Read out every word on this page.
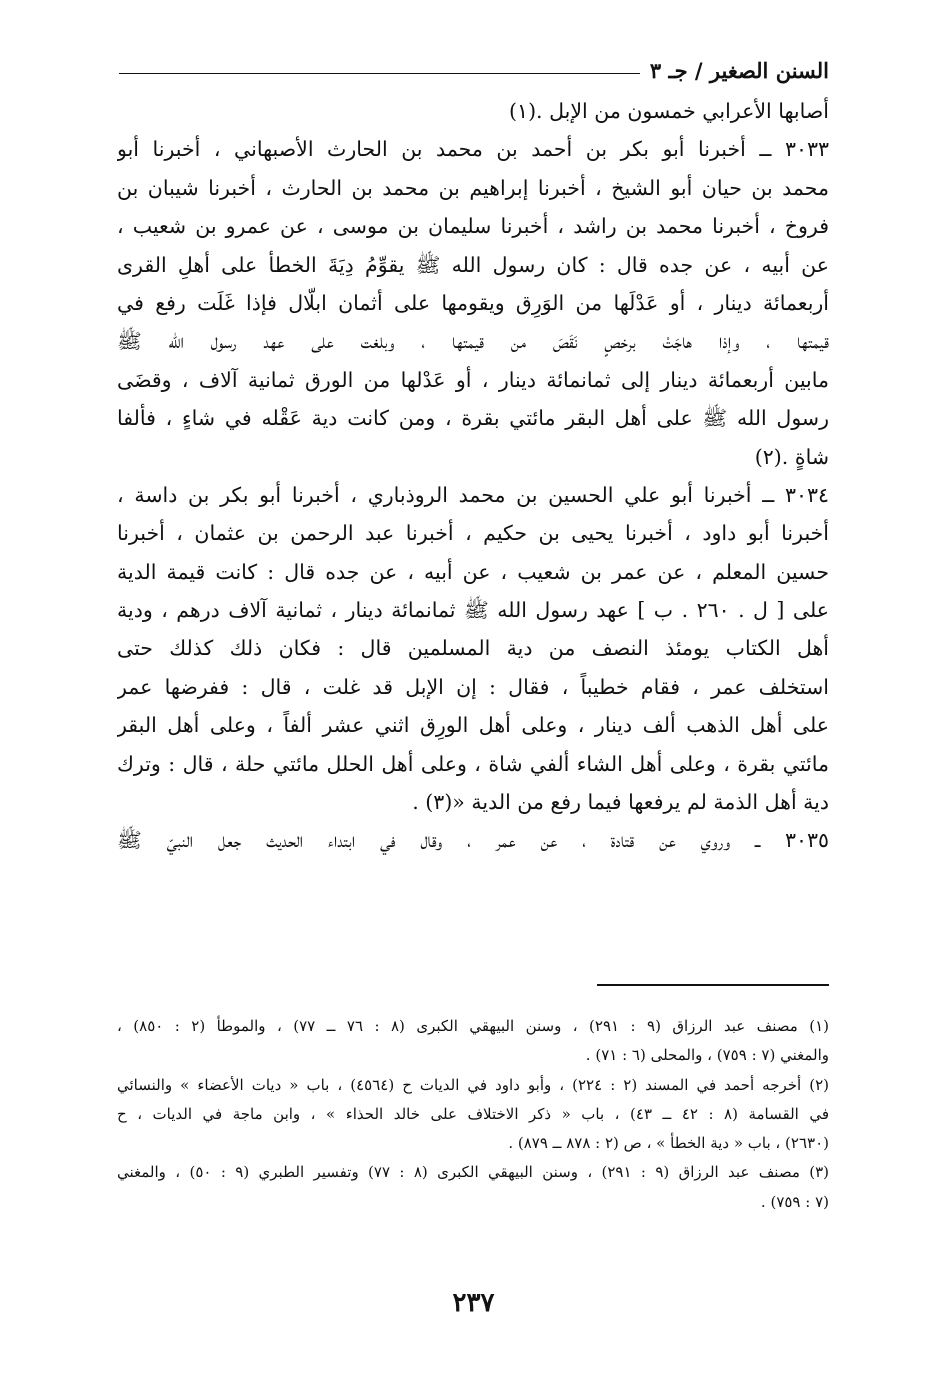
السنن الصغير / جـ ٣
أصابها الأعرابي خمسون من الإبل .(١)
٣٠٣٣ ــ أخبرنا أبو بكر بن أحمد بن محمد بن الحارث الأصبهاني ، أخبرنا أبو
محمد بن حيان أبو الشيخ ، أخبرنا إبراهيم بن محمد بن الحارث ، أخبرنا شيبان بن
فروخ ، أخبرنا محمد بن راشد ، أخبرنا سليمان بن موسى ، عن عمرو بن شعيب ،
عن أبيه ، عن جده قال : كان رسول الله ﷺ يقوِّمُ دِيَةَ الخطأ على أهلِ القرى
أربعمائة دينار ، أو عَدْلَها من الوَرِق ويقومها على أثمان ابلّال فإذا غَلَت رفع في
قيمتها ، وإذا هاجَتْ برخصٍ نَقَصَ من قيمتها ، وبلغت على عهد رسول الله ﷺ
مابين أربعمائة دينار إلى ثمانمائة دينار ، أو عَدْلها من الورق ثمانية آلاف ، وقضَى
رسول الله ﷺ على أهل البقر مائتي بقرة ، ومن كانت دية عَقْله في شاءٍ ، فألفا
شاةٍ .(٢)
٣٠٣٤ ــ أخبرنا أبو علي الحسين بن محمد الروذباري ، أخبرنا أبو بكر بن داسة ،
أخبرنا أبو داود ، أخبرنا يحيى بن حكيم ، أخبرنا عبد الرحمن بن عثمان ، أخبرنا
حسين المعلم ، عن عمر بن شعيب ، عن أبيه ، عن جده قال : كانت قيمة الدية
على [ ل . ٢٦٠ . ب ] عهد رسول الله ﷺ ثمانمائة دينار ، ثمانية آلاف درهم ، ودية
أهل الكتاب يومئذ النصف من دية المسلمين قال : فكان ذلك كذلك حتى
استخلف عمر ، فقام خطيباً ، فقال : إن الإبل قد غلت ، قال : ففرضها عمر
على أهل الذهب ألف دينار ، وعلى أهل الورِق اثني عشر ألفاً ، وعلى أهل البقر
مائتي بقرة ، وعلى أهل الشاء ألفي شاة ، وعلى أهل الحلل مائتي حلة ، قال : وترك
دية أهل الذمة لم يرفعها فيما رفع من الدية «(٣) .
٣٠٣٥ ــ وروي عن قتادة ، عن عمر ، وقال في ابتداء الحديث جعل النبيّ ﷺ
(١) مصنف عبد الرزاق (٩ : ٢٩١) ، وسنن البيهقي الكبرى (٨ : ٧٦ ــ ٧٧) ، والموطأ (٢ : ٨٥٠) ،
والمغني (٧ : ٧٥٩) ، والمحلى (٦ : ٧١) .
(٢) أخرجه أحمد في المسند (٢ : ٢٢٤) ، وأبو داود في الديات ح (٤٥٦٤) ، باب « ديات الأعضاء » والنسائي
في القسامة (٨ : ٤٢ ــ ٤٣) ، باب « ذكر الاختلاف على خالد الحذاء » ، وابن ماجة في الديات ، ح
(٢٦٣٠) ، باب « دية الخطأ » ، ص (٢ : ٨٧٨ ــ ٨٧٩) .
(٣) مصنف عبد الرزاق (٩ : ٢٩١) ، وسنن البيهقي الكبرى (٨ : ٧٧) وتفسير الطبري (٩ : ٥٠) ، والمغني
(٧ : ٧٥٩) .
٢٣٧
